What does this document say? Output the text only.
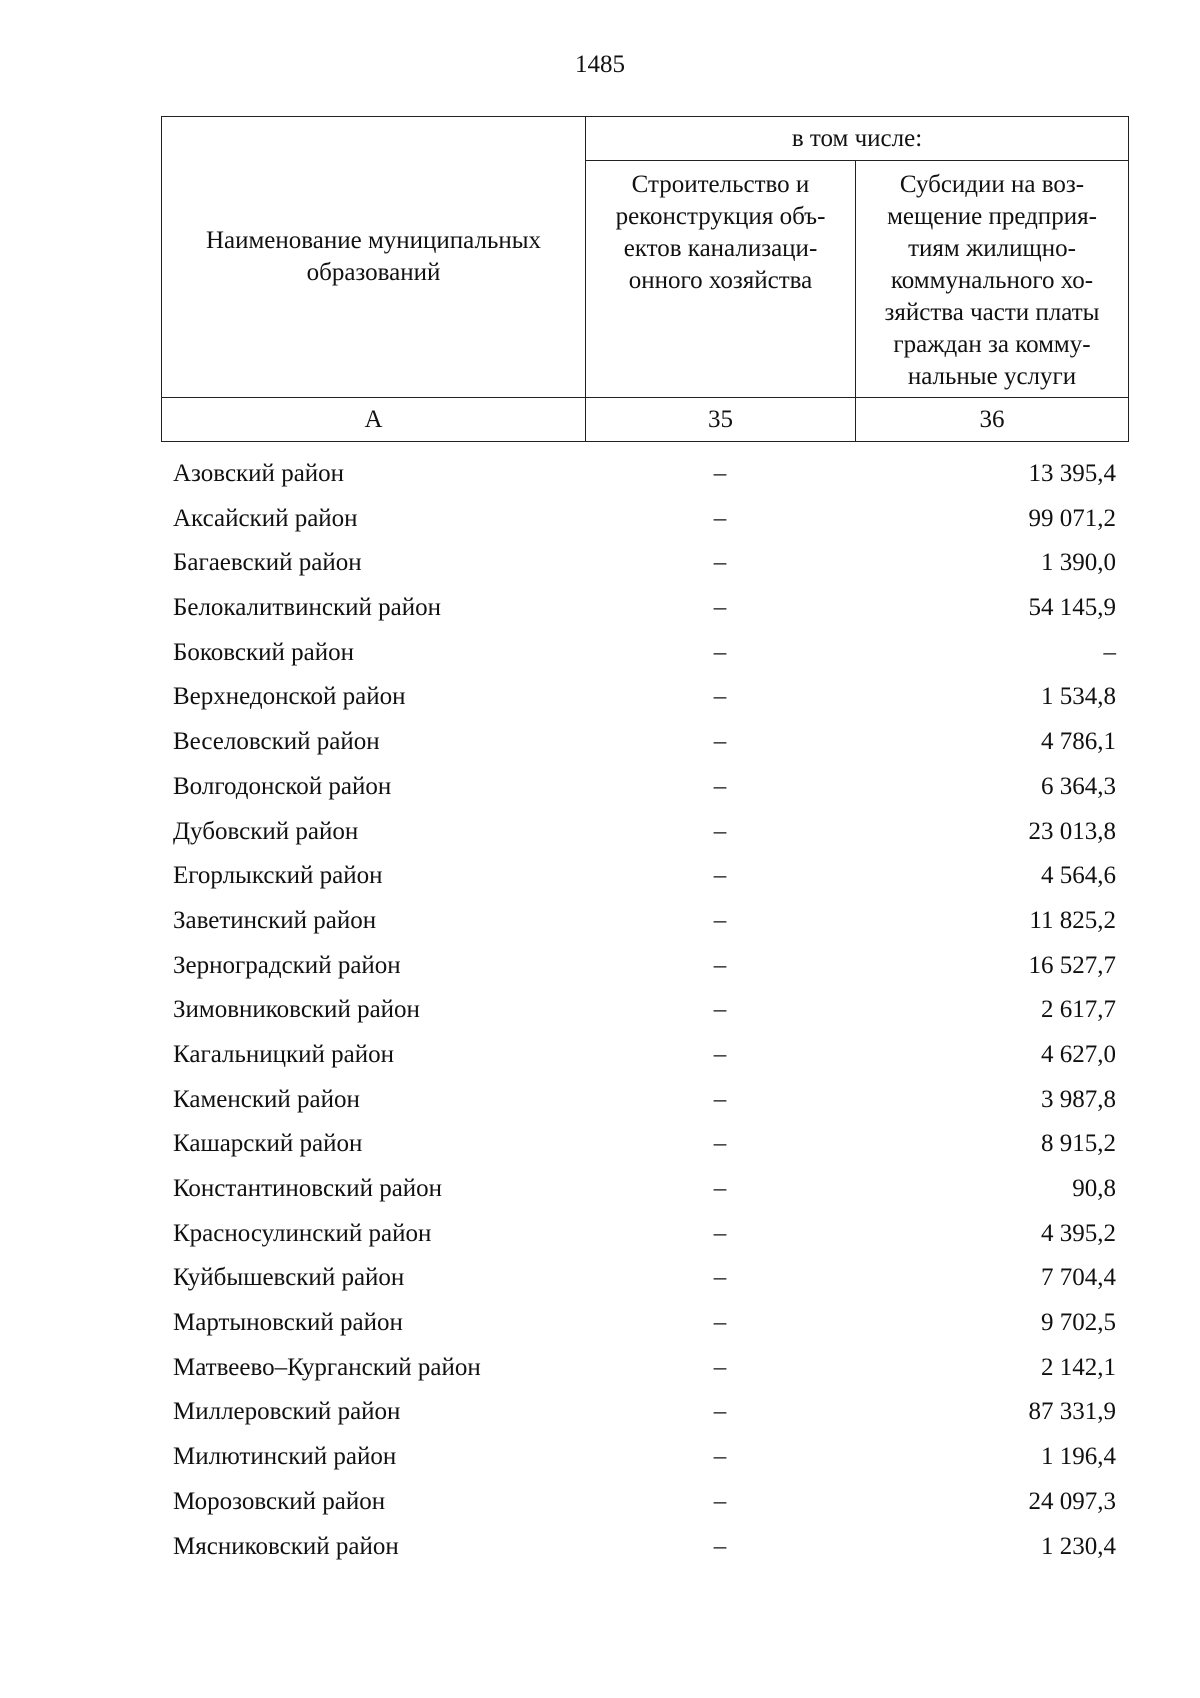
1485
Наименование муниципальных образований	в том числе:	
	Строительство и реконструкция объ-ектов канализаци-онного хозяйства	Субсидии на воз-мещение предприя-тиям жилищно-коммунального хо-зяйства части платы граждан за комму-нальные услуги
А	35	36
Азовский район	–	13 395,4
Аксайский район	–	99 071,2
Багаевский район	–	1 390,0
Белокалитвинский район	–	54 145,9
Боковский район	–	–
Верхнедонской район	–	1 534,8
Веселовский район	–	4 786,1
Волгодонской район	–	6 364,3
Дубовский район	–	23 013,8
Егорлыкский район	–	4 564,6
Заветинский район	–	11 825,2
Зерноградский район	–	16 527,7
Зимовниковский район	–	2 617,7
Кагальницкий район	–	4 627,0
Каменский район	–	3 987,8
Кашарский район	–	8 915,2
Константиновский район	–	90,8
Красносулинский район	–	4 395,2
Куйбышевский район	–	7 704,4
Мартыновский район	–	9 702,5
Матвеево–Курганский район	–	2 142,1
Миллеровский район	–	87 331,9
Милютинский район	–	1 196,4
Морозовский район	–	24 097,3
Мясниковский район	–	1 230,4
